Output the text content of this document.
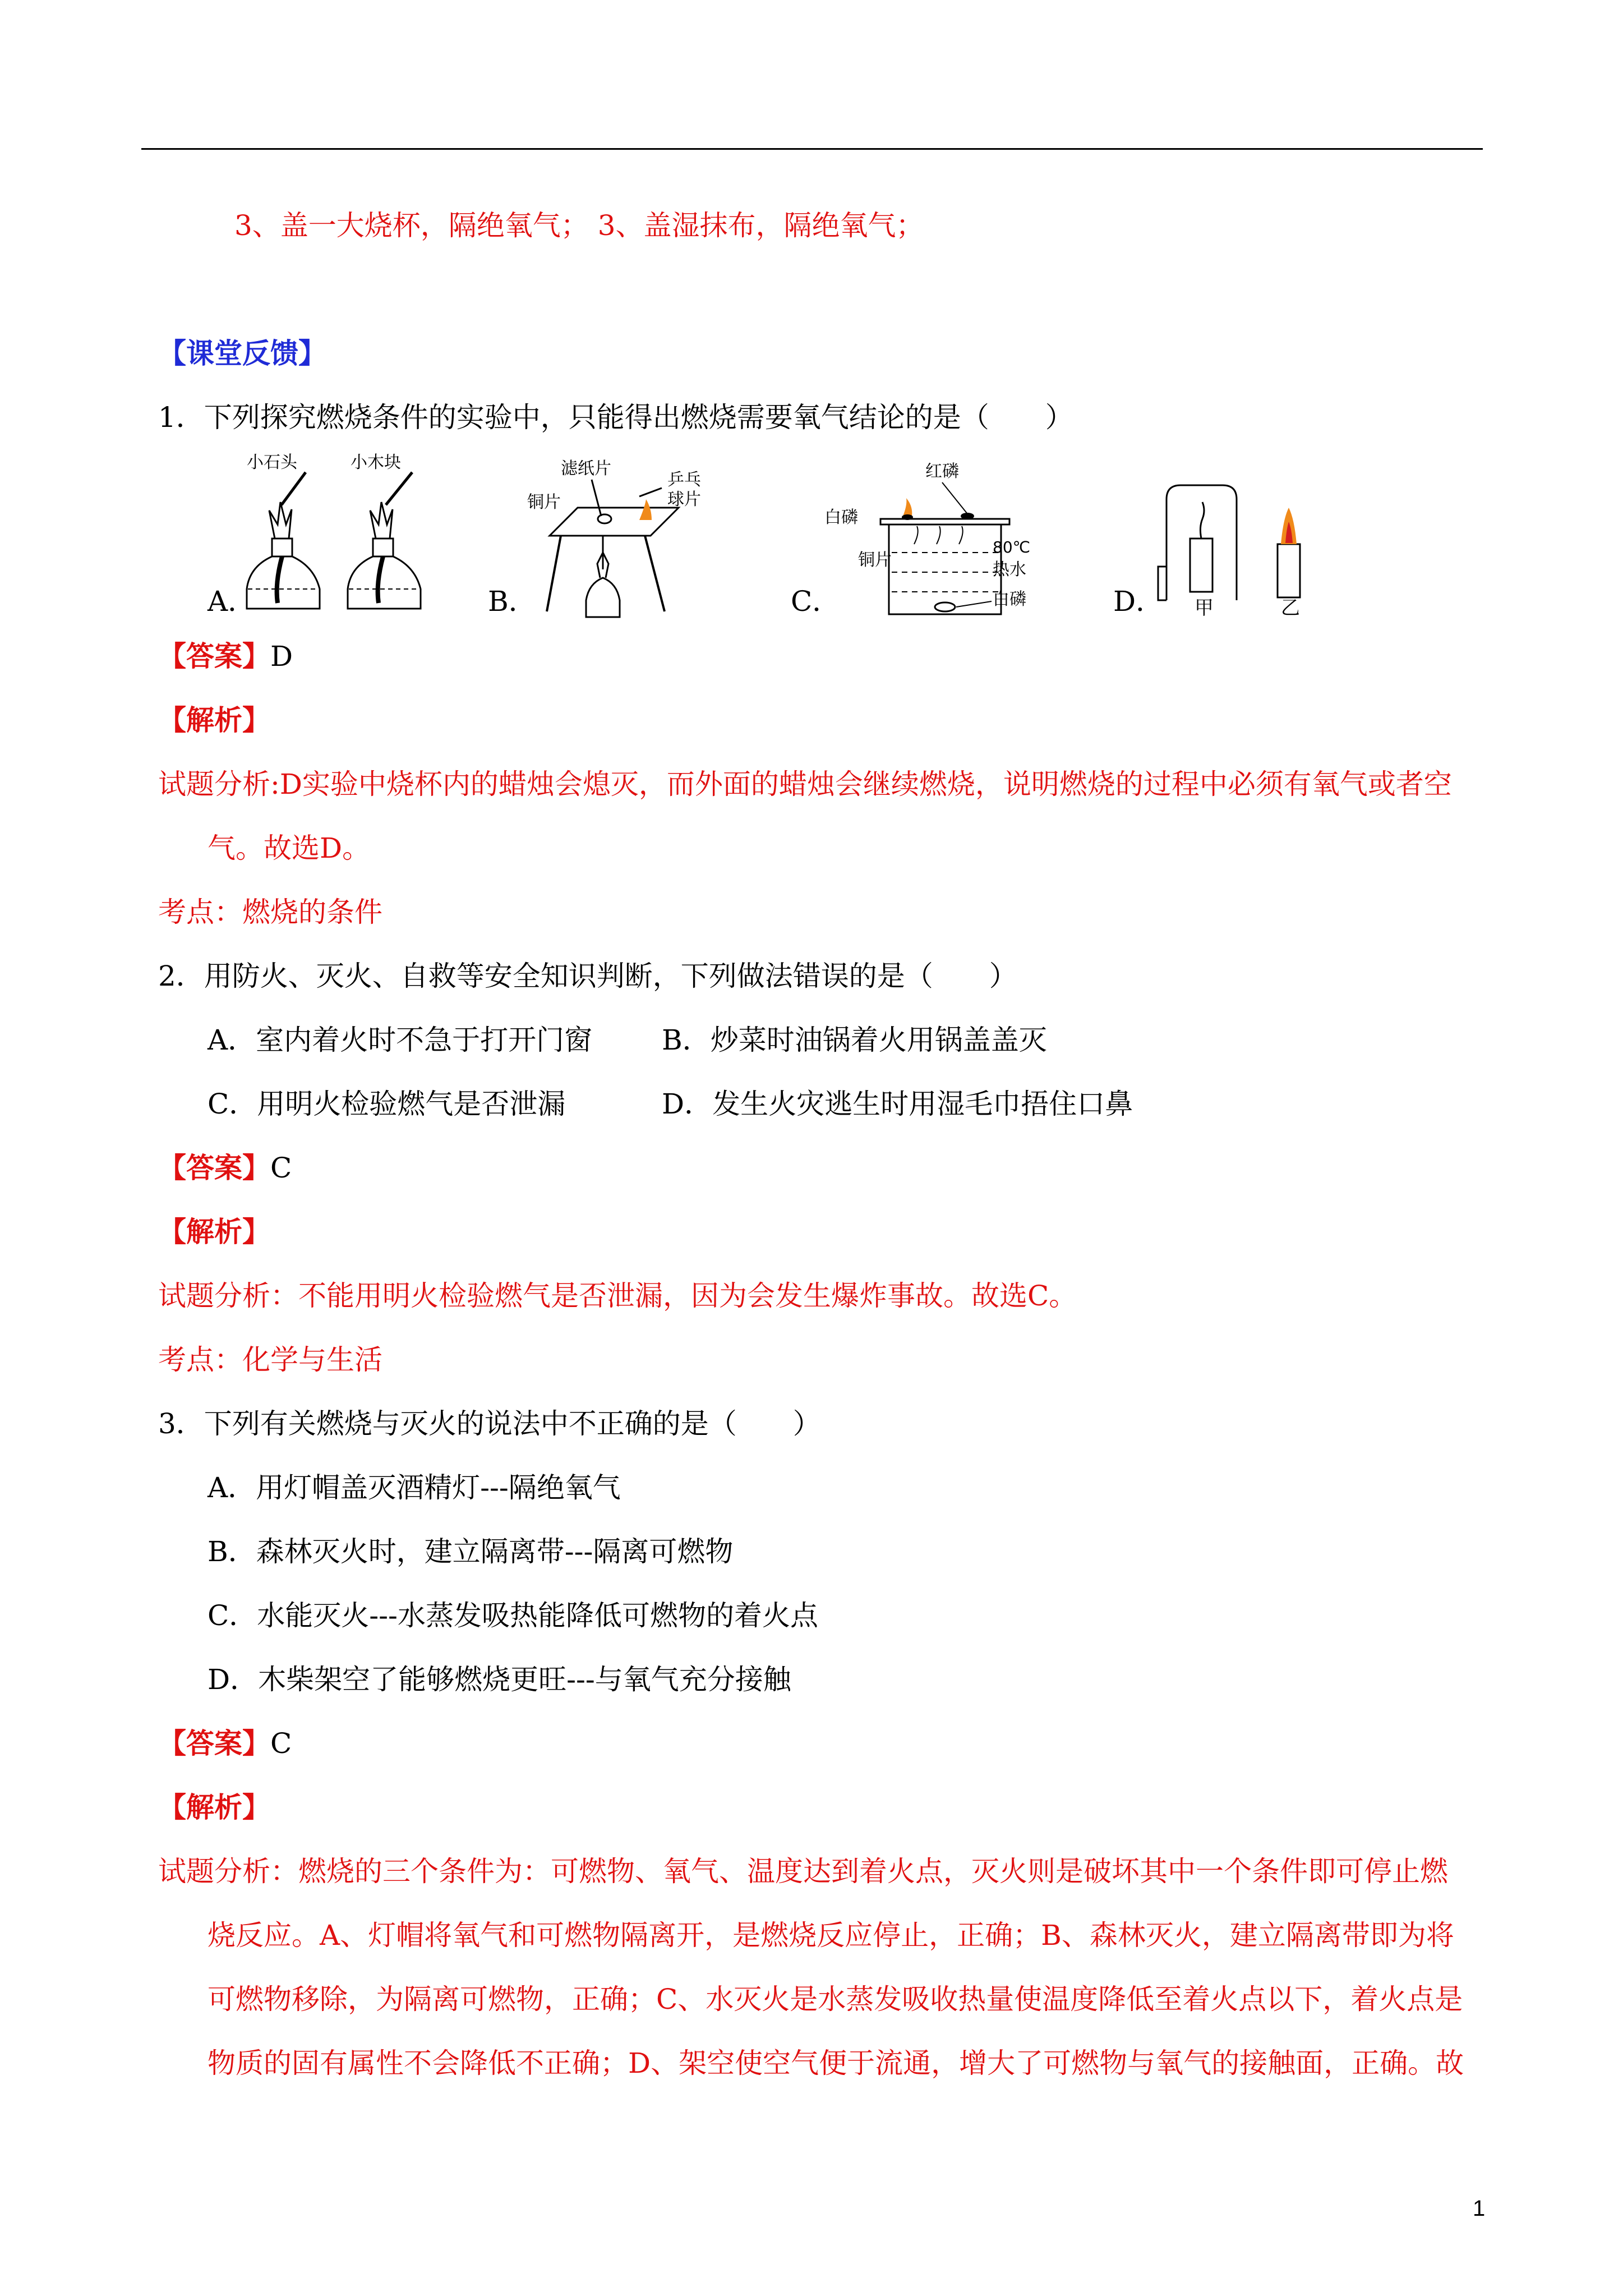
3、盖一大烧杯，隔绝氧气； 3、盖湿抹布，隔绝氧气；
【课堂反馈】
1．下列探究燃烧条件的实验中，只能得出燃烧需要氧气结论的是（　　）
小石头	小木块
A．
滤纸片
铜片
乒乓
球片
B．
红磷
白磷
铜片
80℃
热水
白磷
C．	甲	乙
D．
【答案】D
【解析】
试题分析:D实验中烧杯内的蜡烛会熄灭，而外面的蜡烛会继续燃烧，说明燃烧的过程中必须有氧气或者空
气。故选D。
考点：燃烧的条件
2．用防火、灭火、自救等安全知识判断，下列做法错误的是（　　）
A．室内着火时不急于打开门窗 B．炒菜时油锅着火用锅盖盖灭
C．用明火检验燃气是否泄漏	D．发生火灾逃生时用湿毛巾捂住口鼻
【答案】C
【解析】
试题分析：不能用明火检验燃气是否泄漏，因为会发生爆炸事故。故选C。
考点：化学与生活
3．下列有关燃烧与灭火的说法中不正确的是（　　）
A．用灯帽盖灭酒精灯---隔绝氧气
B．森林灭火时，建立隔离带---隔离可燃物
C．水能灭火---水蒸发吸热能降低可燃物的着火点
D．木柴架空了能够燃烧更旺---与氧气充分接触
【答案】C
【解析】
试题分析：燃烧的三个条件为：可燃物、氧气、温度达到着火点，灭火则是破坏其中一个条件即可停止燃
烧反应。A、灯帽将氧气和可燃物隔离开，是燃烧反应停止，正确；B、森林灭火，建立隔离带即为将
可燃物移除，为隔离可燃物，正确；C、水灭火是水蒸发吸收热量使温度降低至着火点以下，着火点是
物质的固有属性不会降低不正确；D、架空使空气便于流通，增大了可燃物与氧气的接触面，正确。故
1
